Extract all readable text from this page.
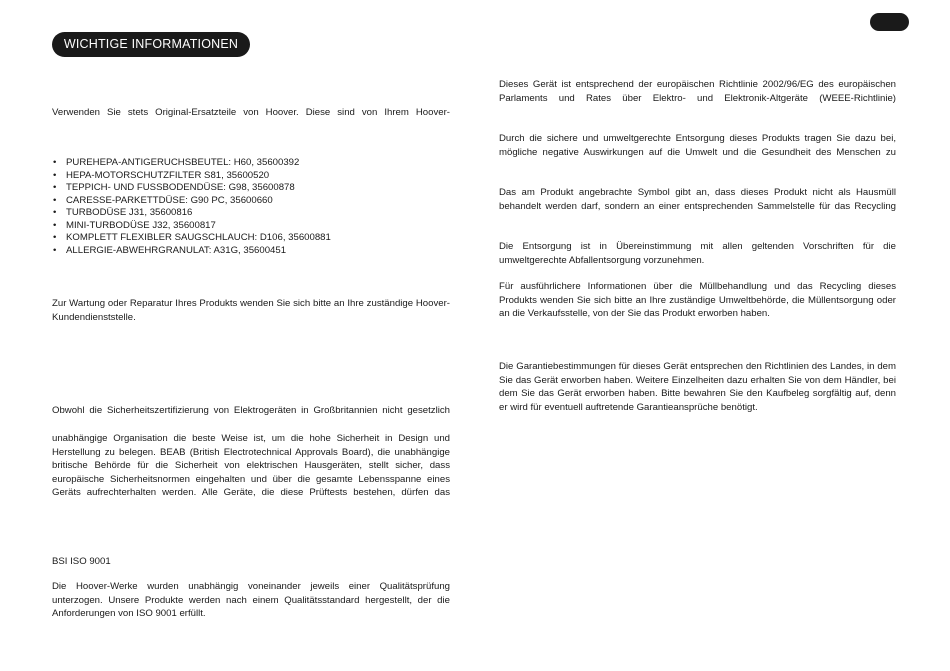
WICHTIGE INFORMATIONEN

Verwenden Sie stets Original-Ersatzteile von Hoover. Diese sind von Ihrem Hoover-

• PUREHEPA-ANTIGERUCHSBEUTEL: H60, 35600392
• HEPA-MOTORSCHUTZFILTER S81, 35600520
• TEPPICH- UND FUSSBODENDÜSE: G98, 35600878
• CARESSE-PARKETTDÜSE: G90 PC, 35600660
• TURBODÜSE J31, 35600816
• MINI-TURBODÜSE J32, 35600817
• KOMPLETT FLEXIBLER SAUGSCHLAUCH: D106, 35600881
• ALLERGIE-ABWEHRGRANULAT: A31G, 35600451

Zur Wartung oder Reparatur Ihres Produkts wenden Sie sich bitte an Ihre zuständige Hoover-Kundendienststelle.

Obwohl die Sicherheitszertifizierung von Elektrogeräten in Großbritannien nicht gesetzlich

unabhängige Organisation die beste Weise ist, um die hohe Sicherheit in Design und Herstellung zu belegen. BEAB (British Electrotechnical Approvals Board), die unabhängige britische Behörde für die Sicherheit von elektrischen Hausgeräten, stellt sicher, dass europäische Sicherheitsnormen eingehalten und über die gesamte Lebensspanne eines Geräts aufrechterhalten werden. Alle Geräte, die diese Prüftests bestehen, dürfen das

BSI ISO 9001

Die Hoover-Werke wurden unabhängig voneinander jeweils einer Qualitätsprüfung unterzogen. Unsere Produkte werden nach einem Qualitätsstandard hergestellt, der die Anforderungen von ISO 9001 erfüllt.

Dieses Gerät ist entsprechend der europäischen Richtlinie 2002/96/EG des europäischen Parlaments und Rates über Elektro- und Elektronik-Altgeräte (WEEE-Richtlinie)

Durch die sichere und umweltgerechte Entsorgung dieses Produkts tragen Sie dazu bei, mögliche negative Auswirkungen auf die Umwelt und die Gesundheit des Menschen zu

Das am Produkt angebrachte Symbol gibt an, dass dieses Produkt nicht als Hausmüll behandelt werden darf, sondern an einer entsprechenden Sammelstelle für das Recycling

Die Entsorgung ist in Übereinstimmung mit allen geltenden Vorschriften für die umweltgerechte Abfallentsorgung vorzunehmen.

Für ausführlichere Informationen über die Müllbehandlung und das Recycling dieses Produkts wenden Sie sich bitte an Ihre zuständige Umweltbehörde, die Müllentsorgung oder an die Verkaufsstelle, von der Sie das Produkt erworben haben.

Die Garantiebestimmungen für dieses Gerät entsprechen den Richtlinien des Landes, in dem Sie das Gerät erworben haben. Weitere Einzelheiten dazu erhalten Sie von dem Händler, bei dem Sie das Gerät erworben haben. Bitte bewahren Sie den Kaufbeleg sorgfältig auf, denn er wird für eventuell auftretende Garantieansprüche benötigt.
